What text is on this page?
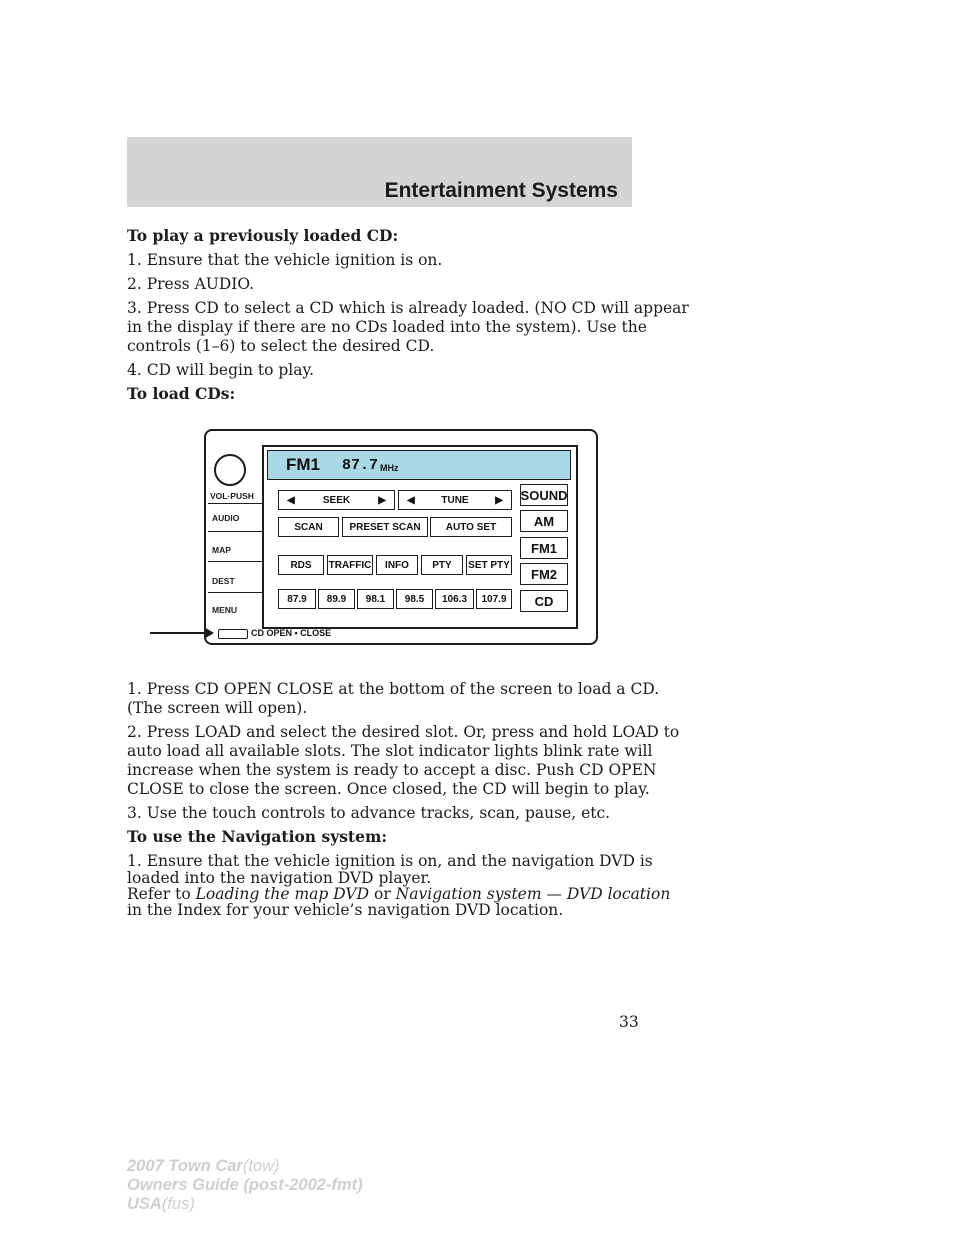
Entertainment Systems
To play a previously loaded CD:
1. Ensure that the vehicle ignition is on.
2. Press AUDIO.
3. Press CD to select a CD which is already loaded. (NO CD will appear
in the display if there are no CDs loaded into the system). Use the
controls (1–6) to select the desired CD.
4. CD will begin to play.
To load CDs:
VOL·PUSH
AUDIO
MAP
DEST
MENU
FM1 87.7 MHz
◀	SEEK	▶ ◀	TUNE	▶
SCAN	PRESET SCAN	AUTO SET
RDS	TRAFFIC	INFO	PTY	SET PTY
87.9	89.9	98.1	98.5	106.3	107.9
SOUND
AM
FM1
FM2
CD
CD OPEN • CLOSE
1. Press CD OPEN CLOSE at the bottom of the screen to load a CD.
(The screen will open).
2. Press LOAD and select the desired slot. Or, press and hold LOAD to
auto load all available slots. The slot indicator lights blink rate will
increase when the system is ready to accept a disc. Push CD OPEN
CLOSE to close the screen. Once closed, the CD will begin to play.
3. Use the touch controls to advance tracks, scan, pause, etc.
To use the Navigation system:
1. Ensure that the vehicle ignition is on, and the navigation DVD is
loaded into the navigation DVD player.
Refer to Loading the map DVD or Navigation system — DVD location
in the Index for your vehicle’s navigation DVD location.
33
2007 Town Car(tow)
Owners Guide (post-2002-fmt)
USA(fus)
